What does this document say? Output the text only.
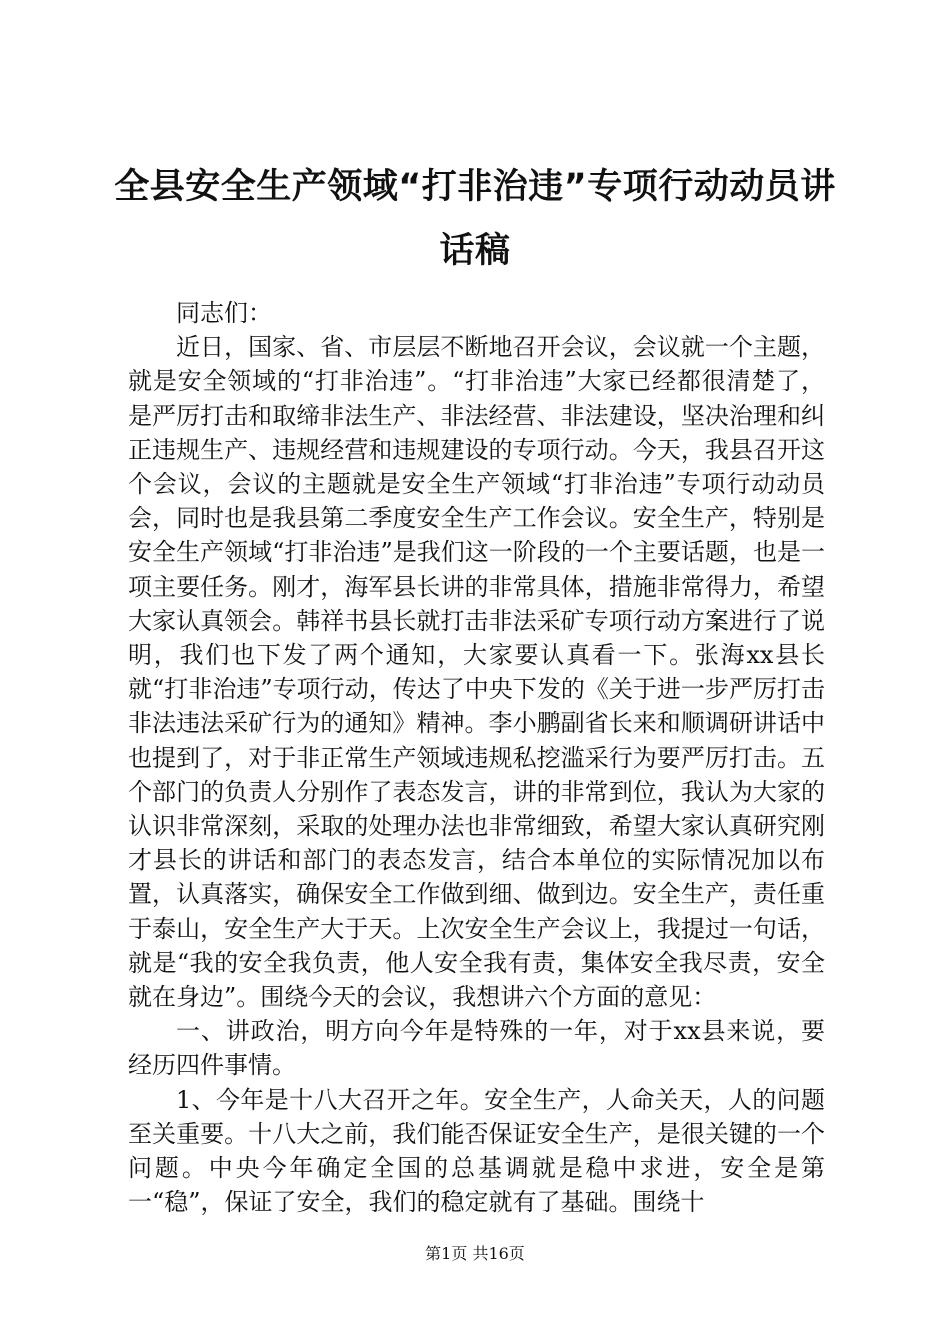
全县安全生产领域“打非治违”专项行动动员讲话稿

同志们：

近日，国家、省、市层层不断地召开会议，会议就一个主题，就是安全领域的“打非治违”。“打非治违”大家已经都很清楚了，是严厉打击和取缔非法生产、非法经营、非法建设，坚决治理和纠正违规生产、违规经营和违规建设的专项行动。今天，我县召开这个会议，会议的主题就是安全生产领域“打非治违”专项行动动员会，同时也是我县第二季度安全生产工作会议。安全生产，特别是安全生产领域“打非治违”是我们这一阶段的一个主要话题，也是一项主要任务。刚才，海军县长讲的非常具体，措施非常得力，希望大家认真领会。韩祥书县长就打击非法采矿专项行动方案进行了说明，我们也下发了两个通知，大家要认真看一下。张海xx县长就“打非治违”专项行动，传达了中央下发的《关于进一步严厉打击非法违法采矿行为的通知》精神。李小鹏副省长来和顺调研讲话中也提到了，对于非正常生产领域违规私挖滥采行为要严厉打击。五个部门的负责人分别作了表态发言，讲的非常到位，我认为大家的认识非常深刻，采取的处理办法也非常细致，希望大家认真研究刚才县长的讲话和部门的表态发言，结合本单位的实际情况加以布置，认真落实，确保安全工作做到细、做到边。安全生产，责任重于泰山，安全生产大于天。上次安全生产会议上，我提过一句话，就是“我的安全我负责，他人安全我有责，集体安全我尽责，安全就在身边”。围绕今天的会议，我想讲六个方面的意见：

一、讲政治，明方向今年是特殊的一年，对于xx县来说，要经历四件事情。

1、今年是十八大召开之年。安全生产，人命关天，人的问题至关重要。十八大之前，我们能否保证安全生产，是很关键的一个问题。中央今年确定全国的总基调就是稳中求进，安全是第一“稳”，保证了安全，我们的稳定就有了基础。围绕十

第1页 共16页
